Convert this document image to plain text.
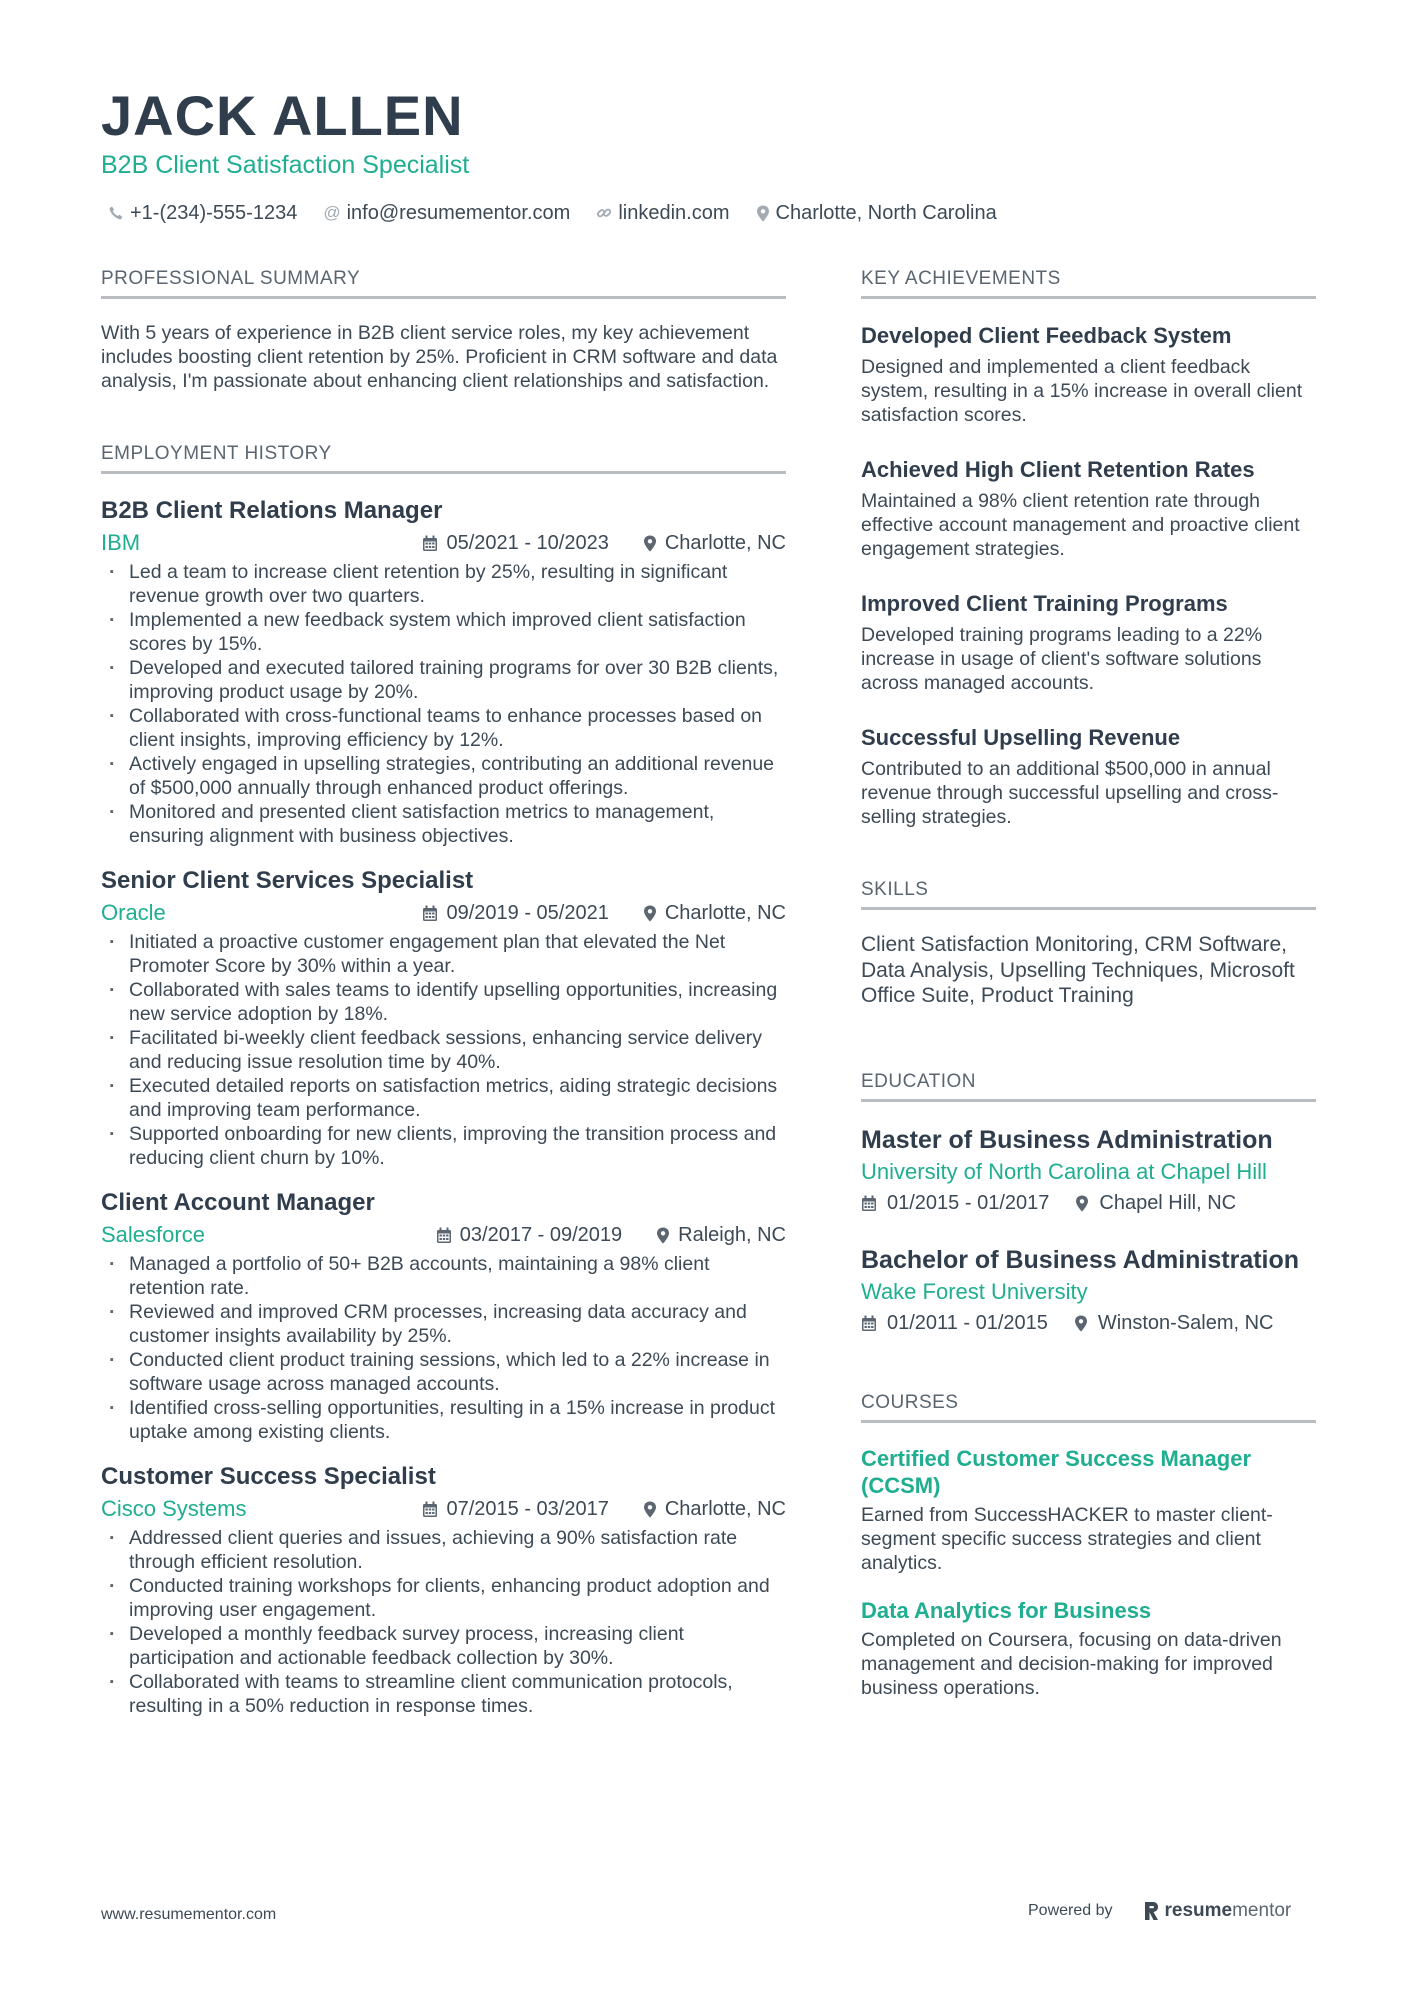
JACK ALLEN
B2B Client Satisfaction Specialist
+1-(234)-555-1234 @ info@resumementor.com linkedin.com Charlotte, North Carolina
PROFESSIONAL SUMMARY

With 5 years of experience in B2B client service roles, my key achievement includes boosting client retention by 25%. Proficient in CRM software and data analysis, I'm passionate about enhancing client relationships and satisfaction.

EMPLOYMENT HISTORY
B2B Client Relations Manager
IBM	05/2021 - 10/2023	Charlotte, NC
· Led a team to increase client retention by 25%, resulting in significant revenue growth over two quarters.
· Implemented a new feedback system which improved client satisfaction scores by 15%.
· Developed and executed tailored training programs for over 30 B2B clients, improving product usage by 20%.
· Collaborated with cross-functional teams to enhance processes based on client insights, improving efficiency by 12%.
· Actively engaged in upselling strategies, contributing an additional revenue of $500,000 annually through enhanced product offerings.
· Monitored and presented client satisfaction metrics to management, ensuring alignment with business objectives.
Senior Client Services Specialist
Oracle	09/2019 - 05/2021	Charlotte, NC
· Initiated a proactive customer engagement plan that elevated the Net Promoter Score by 30% within a year.
· Collaborated with sales teams to identify upselling opportunities, increasing new service adoption by 18%.
· Facilitated bi-weekly client feedback sessions, enhancing service delivery and reducing issue resolution time by 40%.
· Executed detailed reports on satisfaction metrics, aiding strategic decisions and improving team performance.
· Supported onboarding for new clients, improving the transition process and reducing client churn by 10%.
Client Account Manager
Salesforce	03/2017 - 09/2019	Raleigh, NC
· Managed a portfolio of 50+ B2B accounts, maintaining a 98% client retention rate.
· Reviewed and improved CRM processes, increasing data accuracy and customer insights availability by 25%.
· Conducted client product training sessions, which led to a 22% increase in software usage across managed accounts.
· Identified cross-selling opportunities, resulting in a 15% increase in product uptake among existing clients.
Customer Success Specialist
Cisco Systems	07/2015 - 03/2017	Charlotte, NC
· Addressed client queries and issues, achieving a 90% satisfaction rate through efficient resolution.
· Conducted training workshops for clients, enhancing product adoption and improving user engagement.
· Developed a monthly feedback survey process, increasing client participation and actionable feedback collection by 30%.
· Collaborated with teams to streamline client communication protocols, resulting in a 50% reduction in response times.
KEY ACHIEVEMENTS
Developed Client Feedback System

Designed and implemented a client feedback system, resulting in a 15% increase in overall client satisfaction scores.

Achieved High Client Retention Rates

Maintained a 98% client retention rate through effective account management and proactive client engagement strategies.

Improved Client Training Programs

Developed training programs leading to a 22% increase in usage of client's software solutions across managed accounts.

Successful Upselling Revenue

Contributed to an additional $500,000 in annual revenue through successful upselling and cross-selling strategies.

SKILLS

Client Satisfaction Monitoring, CRM Software, Data Analysis, Upselling Techniques, Microsoft Office Suite, Product Training

EDUCATION
Master of Business Administration
University of North Carolina at Chapel Hill
01/2015 - 01/2017	Chapel Hill, NC
Bachelor of Business Administration
Wake Forest University
01/2011 - 01/2015	Winston-Salem, NC
COURSES
Certified Customer Success Manager (CCSM)

Earned from SuccessHACKER to master client-segment specific success strategies and client analytics.

Data Analytics for Business

Completed on Coursera, focusing on data-driven management and decision-making for improved business operations.

www.resumementor.com	Powered by	resume mentor
